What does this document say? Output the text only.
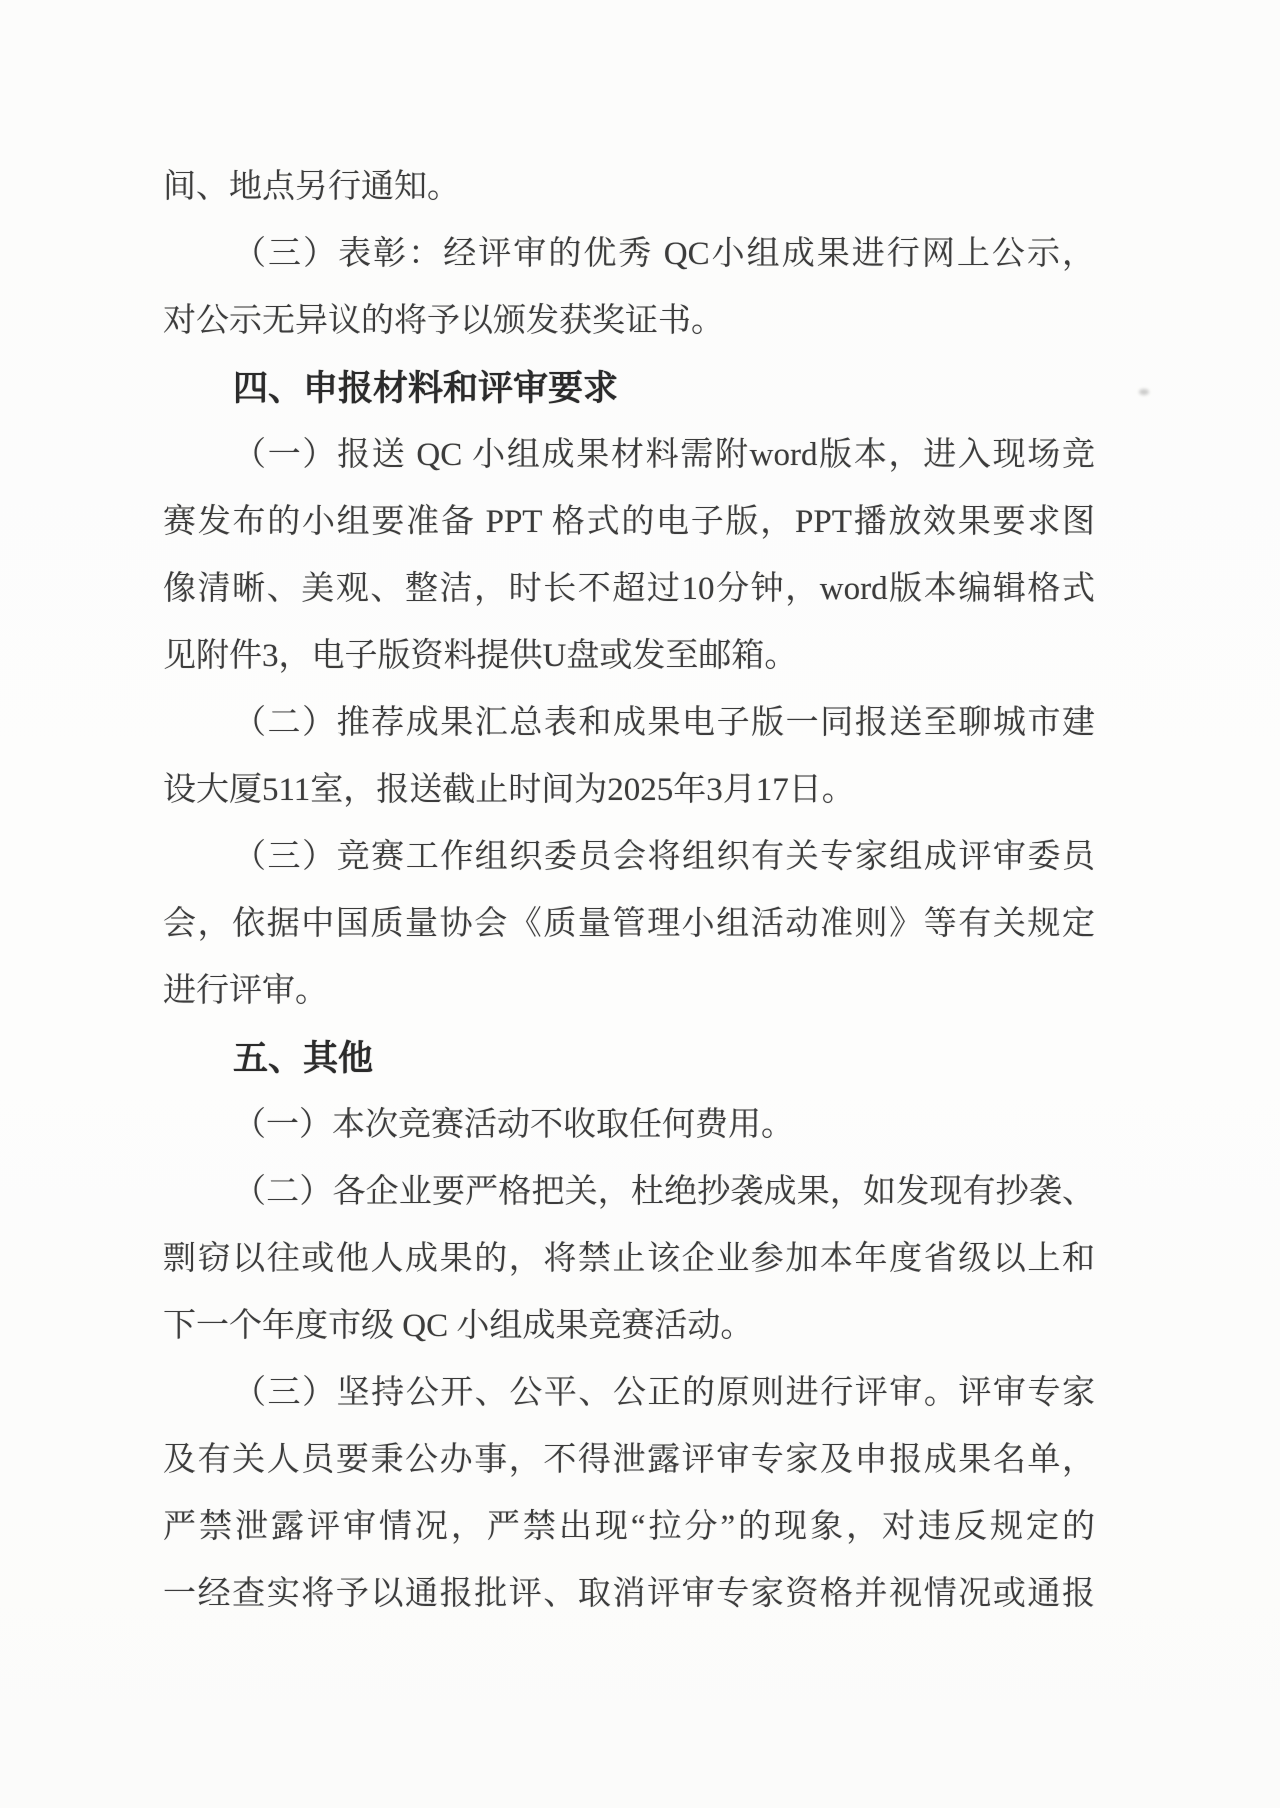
间、地点另行通知。
（三）表彰：经评审的优秀 QC小组成果进行网上公示，
对公示无异议的将予以颁发获奖证书。
四、申报材料和评审要求
（一）报送 QC 小组成果材料需附word版本，进入现场竞
赛发布的小组要准备 PPT 格式的电子版，PPT播放效果要求图
像清晰、美观、整洁，时长不超过10分钟，word版本编辑格式
见附件3，电子版资料提供U盘或发至邮箱。
（二）推荐成果汇总表和成果电子版一同报送至聊城市建
设大厦511室，报送截止时间为2025年3月17日。
（三）竞赛工作组织委员会将组织有关专家组成评审委员
会，依据中国质量协会《质量管理小组活动准则》等有关规定
进行评审。
五、其他
（一）本次竞赛活动不收取任何费用。
（二）各企业要严格把关，杜绝抄袭成果，如发现有抄袭、
剽窃以往或他人成果的，将禁止该企业参加本年度省级以上和
下一个年度市级 QC 小组成果竞赛活动。
（三）坚持公开、公平、公正的原则进行评审。评审专家
及有关人员要秉公办事，不得泄露评审专家及申报成果名单，
严禁泄露评审情况，严禁出现“拉分”的现象，对违反规定的
一经查实将予以通报批评、取消评审专家资格并视情况或通报
